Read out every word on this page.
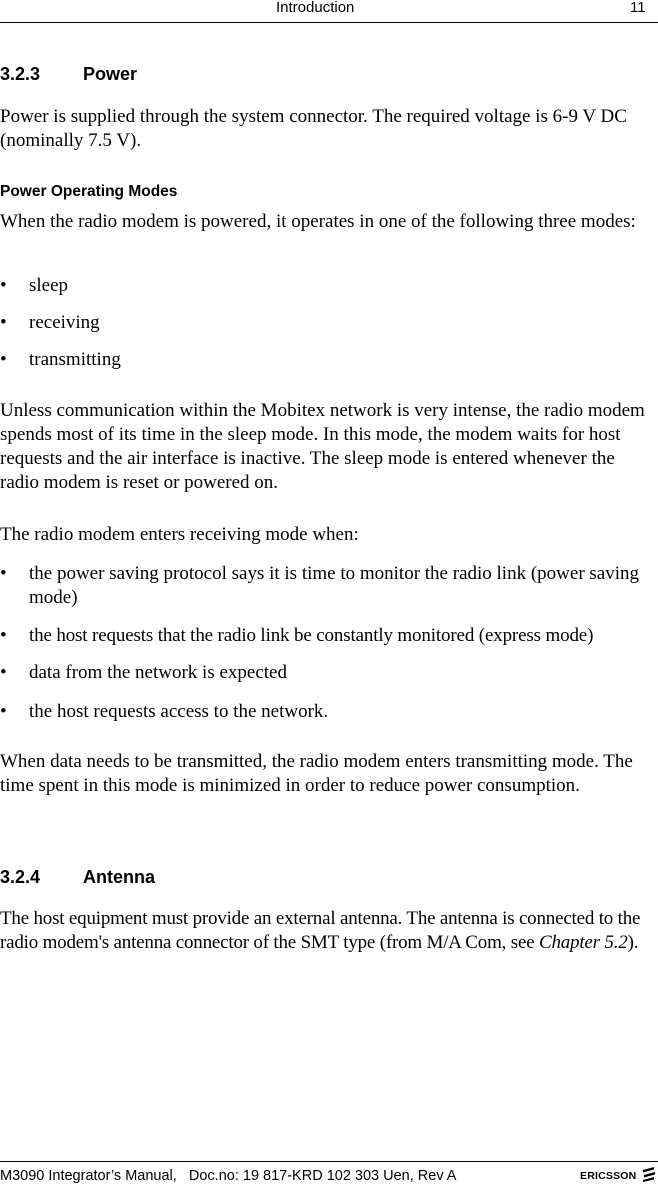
Introduction	11
3.2.3 Power

Power is supplied through the system connector. The required voltage is 6-9 V DC (nominally 7.5 V).

Power Operating Modes

When the radio modem is powered, it operates in one of the following three modes:

• sleep
• receiving
• transmitting

Unless communication within the Mobitex network is very intense, the radio modem spends most of its time in the sleep mode. In this mode, the modem waits for host requests and the air interface is inactive. The sleep mode is entered whenever the radio modem is reset or powered on.

The radio modem enters receiving mode when:

• the power saving protocol says it is time to monitor the radio link (power saving mode)
• the host requests that the radio link be constantly monitored (express mode)
• data from the network is expected
• the host requests access to the network.

When data needs to be transmitted, the radio modem enters transmitting mode. The time spent in this mode is minimized in order to reduce power consumption.

3.2.4 Antenna

The host equipment must provide an external antenna. The antenna is connected to the radio modem's antenna connector of the SMT type (from M/A Com, see Chapter 5.2).

M3090 Integrator’s Manual,   Doc.no: 19 817-KRD 102 303 Uen, Rev A	ERICSSON
